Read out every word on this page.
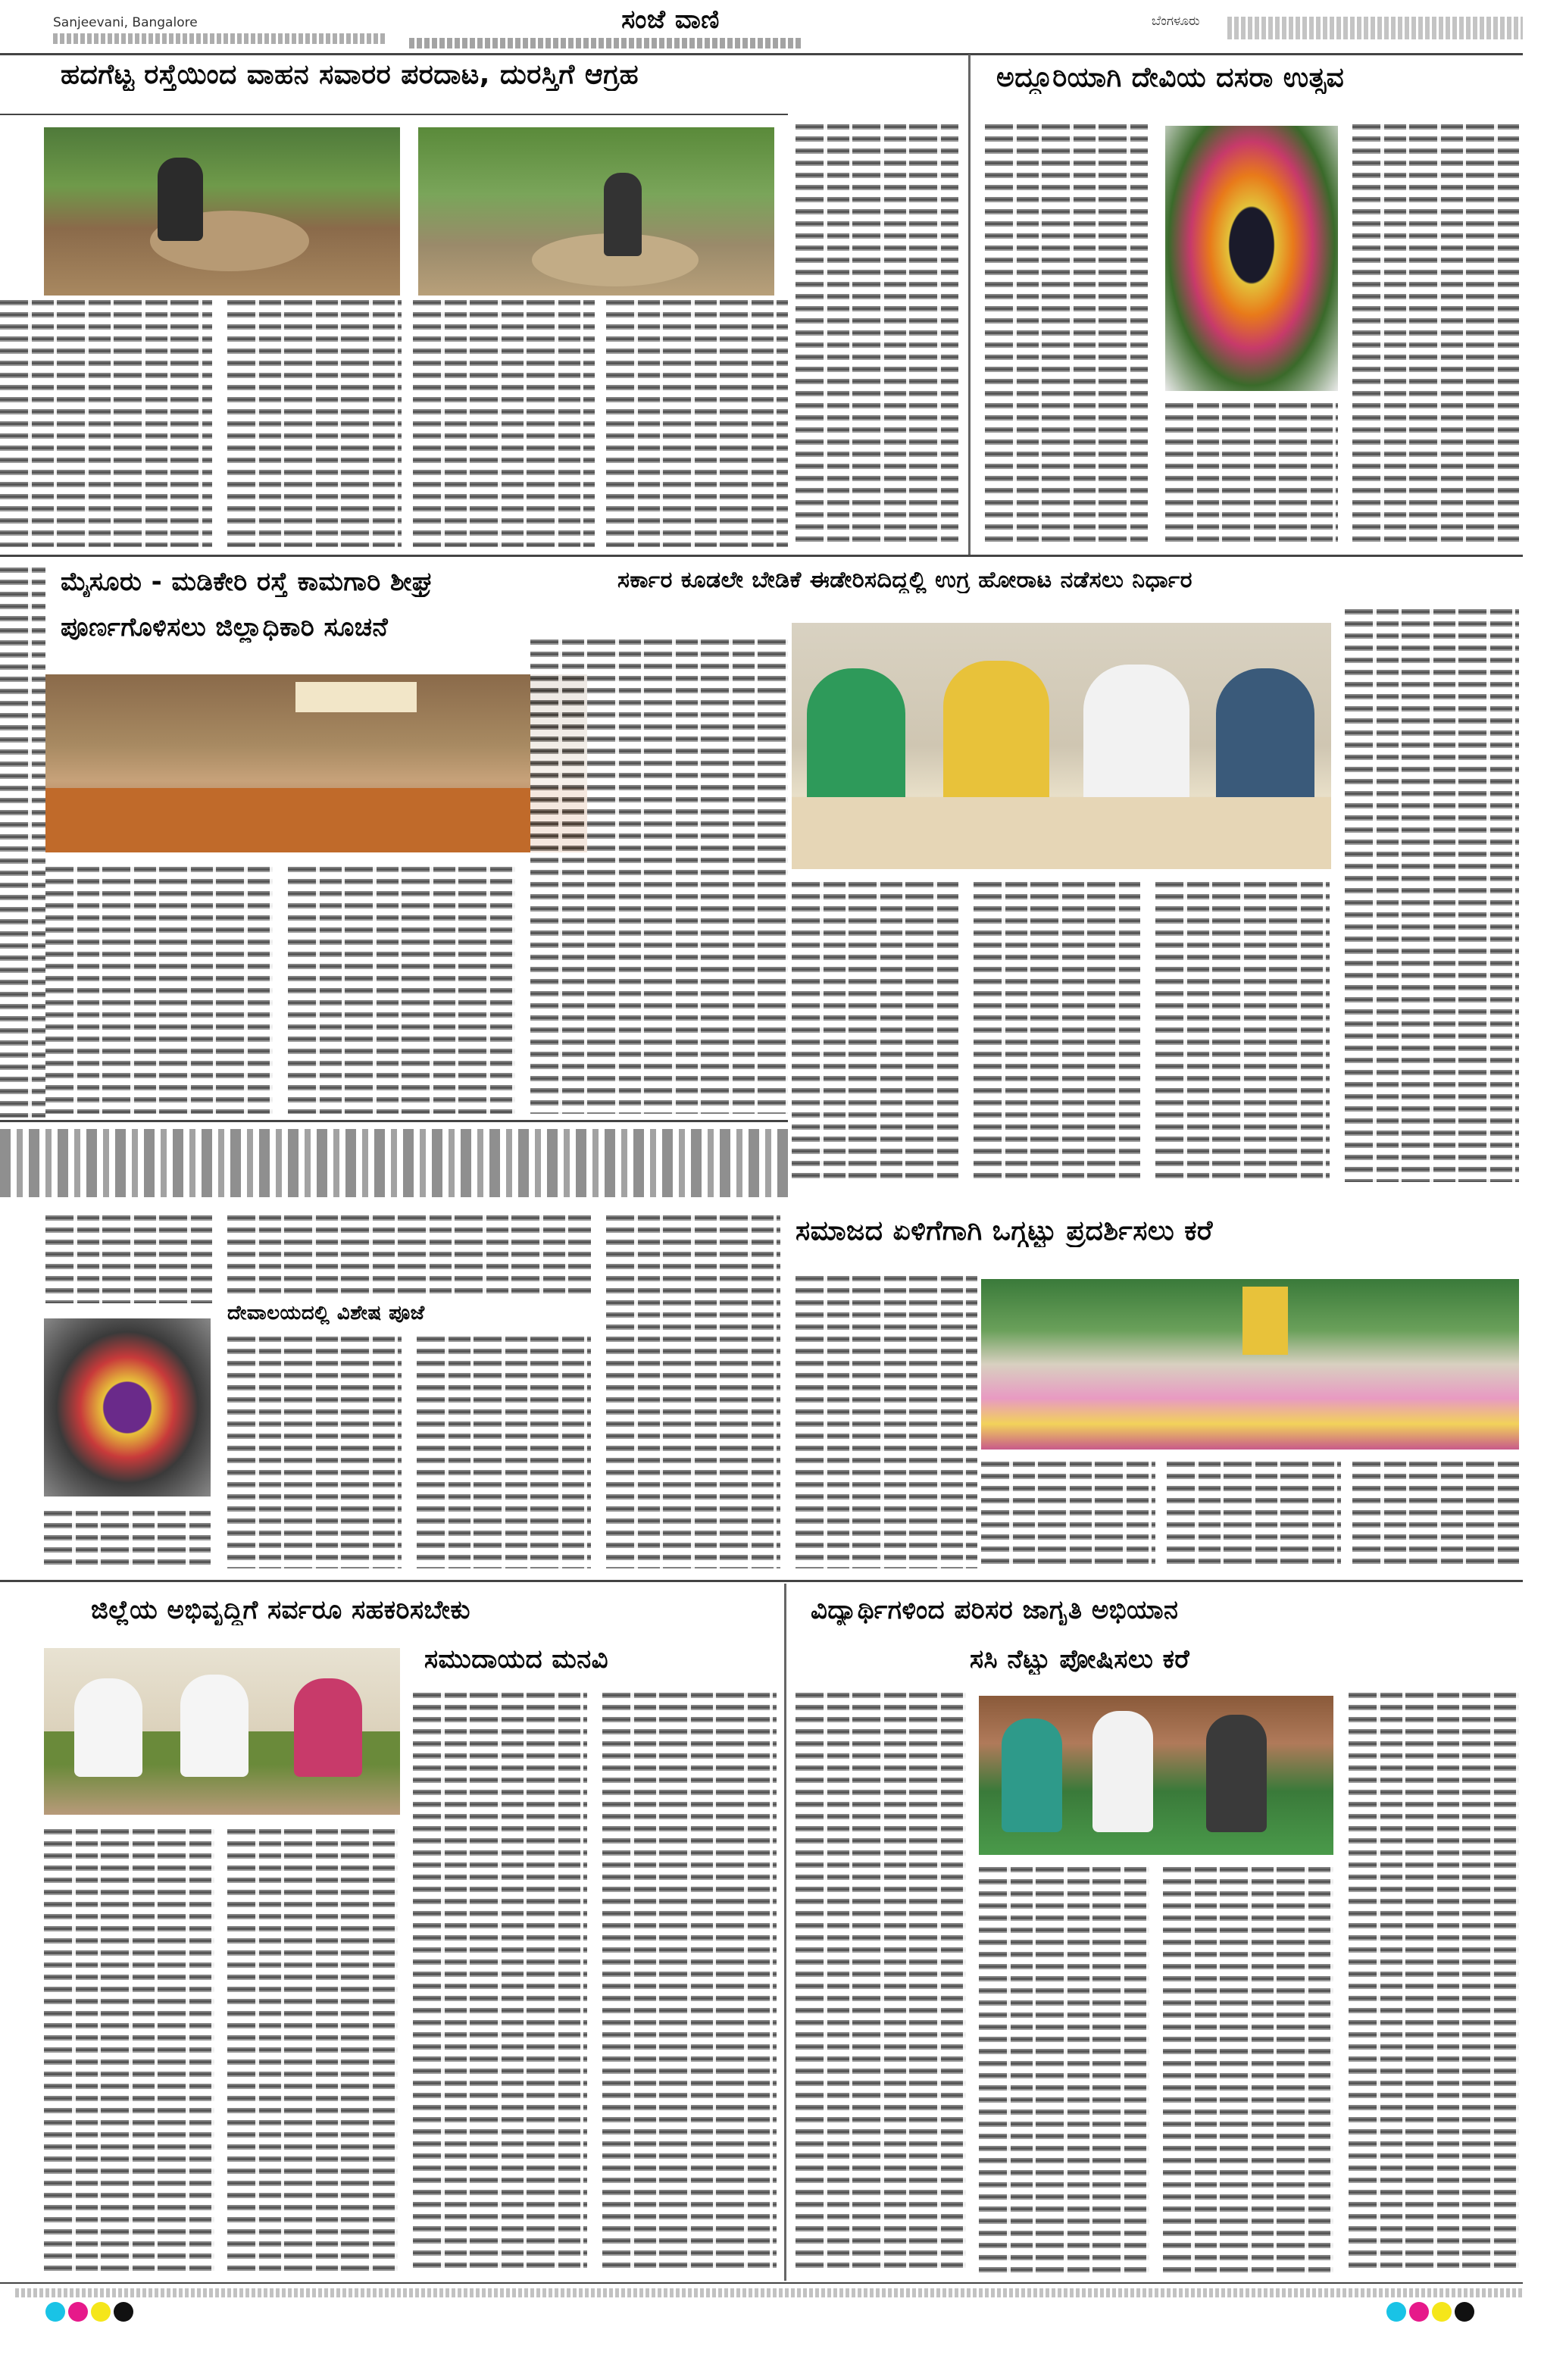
Sanjeevani, Bangalore	ಸಂಜೆ ವಾಣಿ	ಬೆಂಗಳೂರು
ಹದಗೆಟ್ಟ ರಸ್ತೆಯಿಂದ ವಾಹನ ಸವಾರರ ಪರದಾಟ, ದುರಸ್ತಿಗೆ ಆಗ್ರಹ	ಅದ್ದೂರಿಯಾಗಿ ದೇವಿಯ ದಸರಾ ಉತ್ಸವ
ಮೈಸೂರು - ಮಡಿಕೇರಿ ರಸ್ತೆ ಕಾಮಗಾರಿ ಶೀಘ್ರ
ಪೂರ್ಣಗೊಳಿಸಲು ಜಿಲ್ಲಾಧಿಕಾರಿ ಸೂಚನೆ
ಸರ್ಕಾರ ಕೂಡಲೇ ಬೇಡಿಕೆ ಈಡೇರಿಸದಿದ್ದಲ್ಲಿ ಉಗ್ರ ಹೋರಾಟ ನಡೆಸಲು ನಿರ್ಧಾರ
ಸಮಾಜದ ಏಳಿಗೆಗಾಗಿ ಒಗ್ಗಟ್ಟು ಪ್ರದರ್ಶಿಸಲು ಕರೆ
ದೇವಾಲಯದಲ್ಲಿ ವಿಶೇಷ ಪೂಜೆ
ಜಿಲ್ಲೆಯ ಅಭಿವೃದ್ಧಿಗೆ ಸರ್ವರೂ ಸಹಕರಿಸಬೇಕು
ಸಮುದಾಯದ ಮನವಿ
ವಿದ್ಯಾರ್ಥಿಗಳಿಂದ ಪರಿಸರ ಜಾಗೃತಿ ಅಭಿಯಾನ
ಸಸಿ ನೆಟ್ಟು ಪೋಷಿಸಲು ಕರೆ
